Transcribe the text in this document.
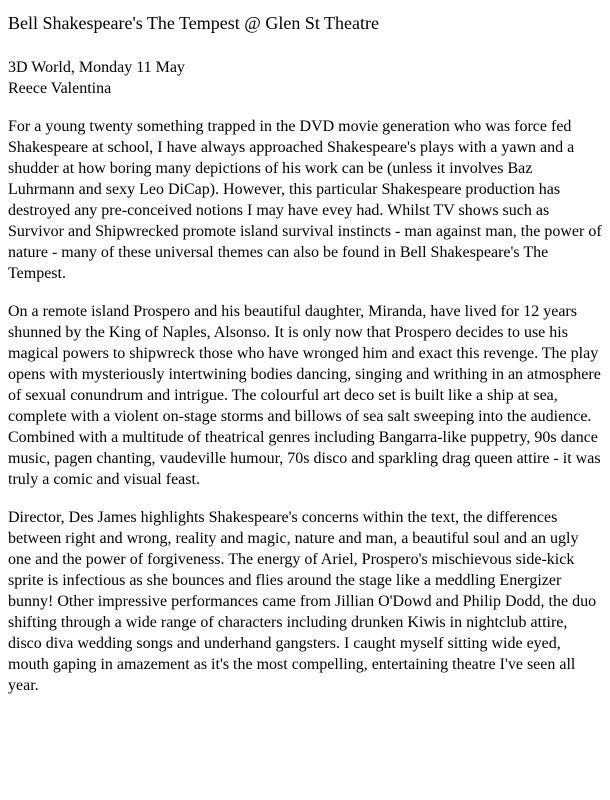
Bell Shakespeare's The Tempest @ Glen St Theatre
3D World, Monday 11 May
Reece Valentina

For a young twenty something trapped in the DVD movie generation who was force fed Shakespeare at school, I have always approached Shakespeare's plays with a yawn and a shudder at how boring many depictions of his work can be (unless it involves Baz Luhrmann and sexy Leo DiCap). However, this particular Shakespeare production has destroyed any pre-conceived notions I may have evey had. Whilst TV shows such as Survivor and Shipwrecked promote island survival instincts - man against man, the power of nature - many of these universal themes can also be found in Bell Shakespeare's The Tempest.

On a remote island Prospero and his beautiful daughter, Miranda, have lived for 12 years shunned by the King of Naples, Alsonso. It is only now that Prospero decides to use his magical powers to shipwreck those who have wronged him and exact this revenge. The play opens with mysteriously intertwining bodies dancing, singing and writhing in an atmosphere of sexual conundrum and intrigue. The colourful art deco set is built like a ship at sea, complete with a violent on-stage storms and billows of sea salt sweeping into the audience. Combined with a multitude of theatrical genres including Bangarra-like puppetry, 90s dance music, pagen chanting, vaudeville humour, 70s disco and sparkling drag queen attire - it was truly a comic and visual feast.

Director, Des James highlights Shakespeare's concerns within the text, the differences between right and wrong, reality and magic, nature and man, a beautiful soul and an ugly one and the power of forgiveness. The energy of Ariel, Prospero's mischievous side-kick sprite is infectious as she bounces and flies around the stage like a meddling Energizer bunny! Other impressive performances came from Jillian O'Dowd and Philip Dodd, the duo shifting through a wide range of characters including drunken Kiwis in nightclub attire, disco diva wedding songs and underhand gangsters. I caught myself sitting wide eyed, mouth gaping in amazement as it's the most compelling, entertaining theatre I've seen all year.
